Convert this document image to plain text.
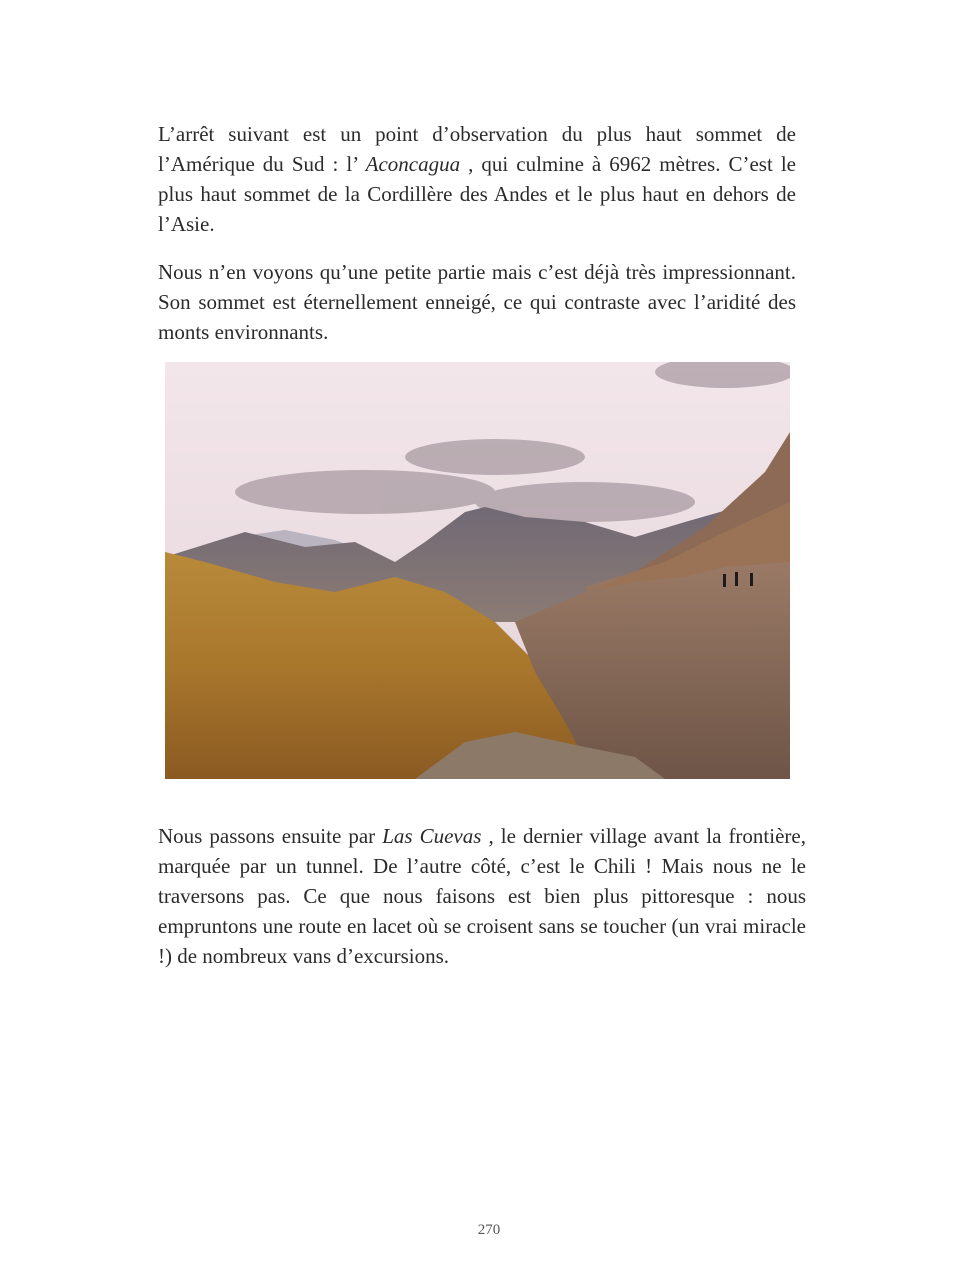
L’arrêt suivant est un point d’observation du plus haut sommet de l’Amérique du Sud : l’ Aconcagua , qui culmine à 6962 mètres. C’est le plus haut sommet de la Cordillère des Andes et le plus haut en dehors de l’Asie.

Nous n’en voyons qu’une petite partie mais c’est déjà très impressionnant. Son sommet est éternellement enneigé, ce qui contraste avec l’aridité des monts environnants.

Nous passons ensuite par Las Cuevas , le dernier village avant la frontière, marquée par un tunnel. De l’autre côté, c’est le Chili ! Mais nous ne le traversons pas. Ce que nous faisons est bien plus pittoresque : nous empruntons une route en lacet où se croisent sans se toucher (un vrai miracle !) de nombreux vans d’excursions.

270
